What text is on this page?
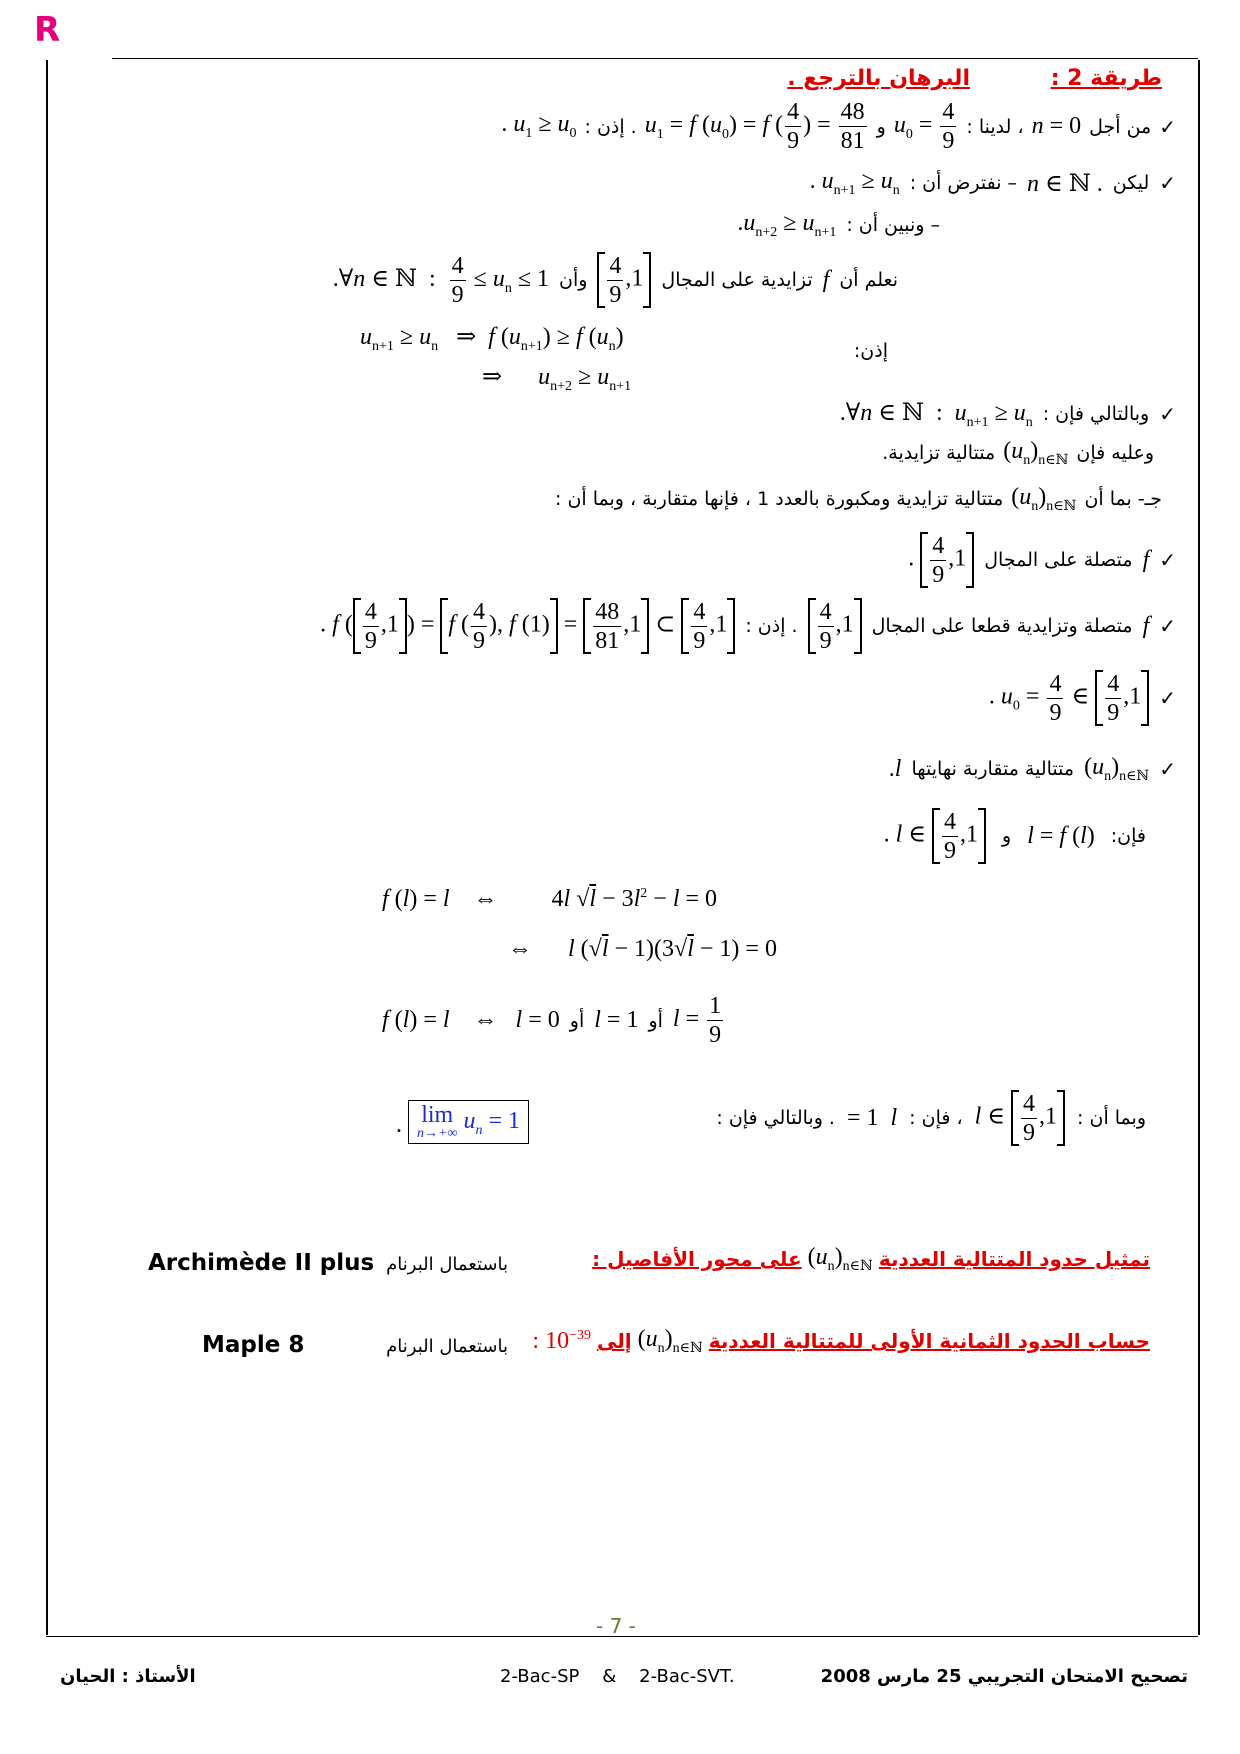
R
طريقة 2 :
البرهان بالترجع .
✓
من أجل
n = 0
، لدينا :
$u_0 = \frac{4}{9}$
و
$u_1 = f$ $(u_0) = f$ ( $\frac{4}{9}$ ) = $\frac{48}{81}$
. إذن :
. $u_1 \ge u_0$
✓
ليكن
n ∈ ℕ .
– نفترض أن :
. $u_{n+1} \ge u_n$
– ونبين أن :
$.u_{n+2} \ge u_{n+1}$
نعلم أن
f
تزايدية على المجال
$\frac{4}{9} ,1$
وأن
.∀n ∈ ℕ  : $\frac{4}{9} \le u_n \le 1$
إذن:
$u_{n+1} \ge u_n$   ⇒  f $(u_{n+1}) \ge f$ $(u_n)$
⇒      $u_{n+2} \ge u_{n+1}$
✓
وبالتالي فإن :
.∀n ∈ ℕ  :  $u_{n+1} \ge u_n$
وعليه فإن
$(u_n)_{n\in ℕ}$
متتالية تزايدية.
جـ- بما أن
$(u_n)_{n\in ℕ}$
متتالية تزايدية ومكبورة بالعدد 1 ، فإنها متقاربة ، وبما أن :
✓
f
متصلة على المجال
. $\frac{4}{9} ,1$
✓
f
متصلة وتزايدية قطعا على المجال
$\frac{4}{9} ,1$
. إذن :
. f ( $\frac{4}{9} ,1$ ) = f ( $\frac{4}{9}$ ), f $(1) = \frac{48}{81} ,1$ ⊂ $\frac{4}{9} ,1$
✓
. $u_0 = \frac{4}{9}$ ∈ $\frac{4}{9} ,1$
✓
$(u_n)_{n\in ℕ}$
متتالية متقاربة نهايتها
.l
فإن:
l = f (l)
و
. l ∈ $\frac{4}{9} ,1$
f (l) = l    ⇔         4l $√l - 3l^2 - l = 0$
⇔      l (√l − 1)(3√l − 1) = 0
f (l) = l    ⇔   l = 0 أو l = 1 أو $l = \frac{1}{9}$
وبما أن :
l ∈ $\frac{4}{9} ,1$
، فإن :
l
= 1
. وبالتالي فإن :
lim
n→+∞ $u_n = 1$
.
تمثيل حدود المتتالية العددية
$(u_n)_{n\in ℕ}$
على محور الأفاصيل :
باستعمال البرنام
Archimède II plus
حساب الحدود الثمانية الأولى للمتتالية العددية
$(u_n)_{n\in ℕ}$
إلى
: $10^{-39}$
باستعمال البرنام
Maple 8
- 7 -
الأستاذ : الحيان	2-Bac-SP    &    2-Bac-SVT.	تصحيح الامتحان التجريبي 25 مارس 2008
